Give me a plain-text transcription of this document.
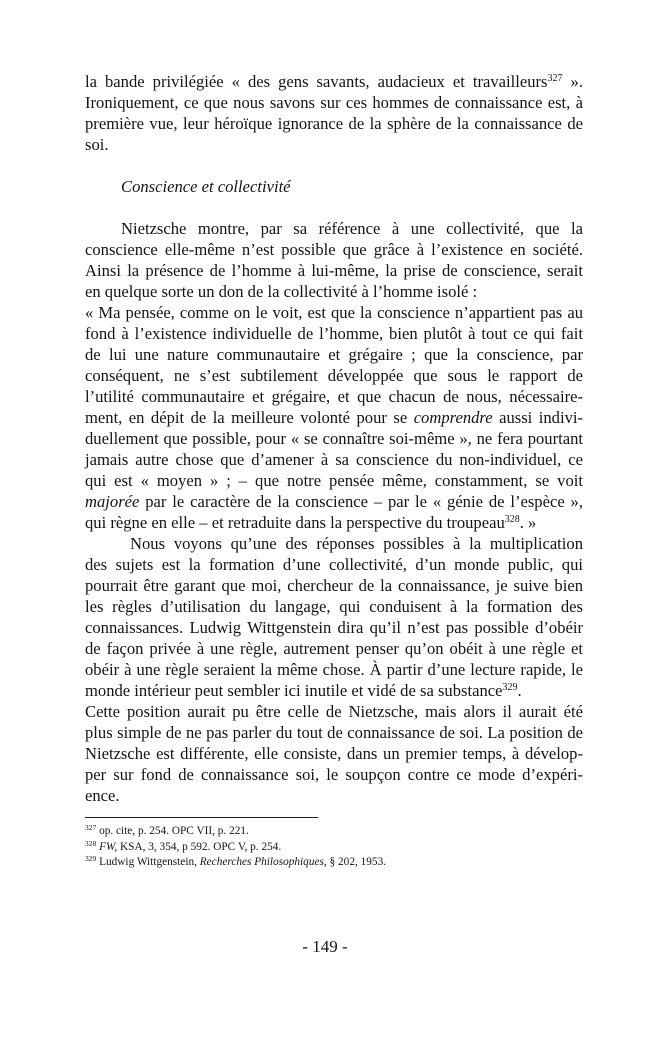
la bande privilégiée « des gens savants, audacieux et travailleurs$^{327}$ ».
Ironiquement, ce que nous savons sur ces hommes de connaissance est, à
première vue, leur héroïque ignorance de la sphère de la connaissance de
soi.
Conscience et collectivité
Nietzsche montre, par sa référence à une collectivité, que la
conscience elle-même n’est possible que grâce à l’existence en société.
Ainsi la présence de l’homme à lui-même, la prise de conscience, serait
en quelque sorte un don de la collectivité à l’homme isolé :
« Ma pensée, comme on le voit, est que la conscience n’appartient pas au
fond à l’existence individuelle de l’homme, bien plutôt à tout ce qui fait
de lui une nature communautaire et grégaire ; que la conscience, par
conséquent, ne s’est subtilement développée que sous le rapport de
l’utilité communautaire et grégaire, et que chacun de nous, nécessaire-
ment, en dépit de la meilleure volonté pour se comprendre aussi indivi-
duellement que possible, pour « se connaître soi-même », ne fera pourtant
jamais autre chose que d’amener à sa conscience du non-individuel, ce
qui est « moyen » ; – que notre pensée même, constamment, se voit
majorée par le caractère de la conscience – par le « génie de l’espèce »,
qui règne en elle – et retraduite dans la perspective du troupeau$^{328}$. »
Nous voyons qu’une des réponses possibles à la multiplication
des sujets est la formation d’une collectivité, d’un monde public, qui
pourrait être garant que moi, chercheur de la connaissance, je suive bien
les règles d’utilisation du langage, qui conduisent à la formation des
connaissances. Ludwig Wittgenstein dira qu’il n’est pas possible d’obéir
de façon privée à une règle, autrement penser qu’on obéit à une règle et
obéir à une règle seraient la même chose. À partir d’une lecture rapide, le
monde intérieur peut sembler ici inutile et vidé de sa substance$^{329}$.
Cette position aurait pu être celle de Nietzsche, mais alors il aurait été
plus simple de ne pas parler du tout de connaissance de soi. La position de
Nietzsche est différente, elle consiste, dans un premier temps, à dévelop-
per sur fond de connaissance soi, le soupçon contre ce mode d’expéri-
ence.
$^{327}$ op. cite, p. 254. OPC VII, p. 221.
$^{328}$ FW, KSA, 3, 354, p 592. OPC V, p. 254.
$^{329}$ Ludwig Wittgenstein, Recherches Philosophiques, § 202, 1953.
- 149 -
